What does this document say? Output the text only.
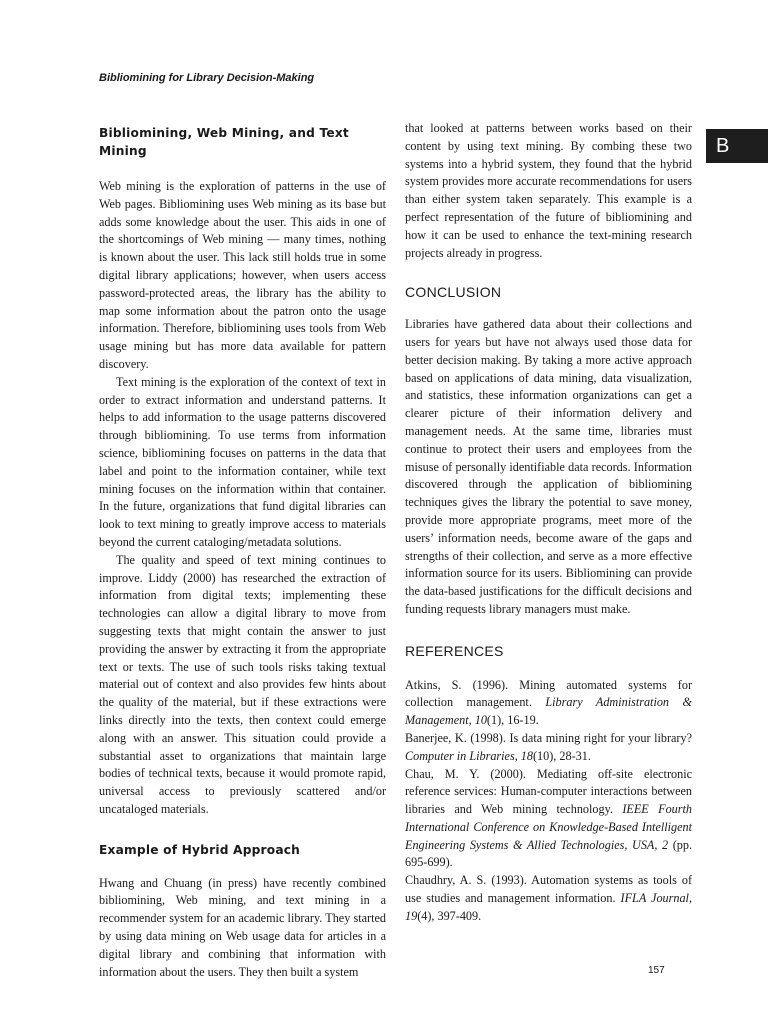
Bibliomining for Library Decision-Making
B
Bibliomining, Web Mining, and Text Mining

Web mining is the exploration of patterns in the use of Web pages. Bibliomining uses Web mining as its base but adds some knowledge about the user. This aids in one of the shortcomings of Web mining — many times, nothing is known about the user. This lack still holds true in some digital library applications; however, when users access password-protected areas, the library has the ability to map some information about the patron onto the usage information. Therefore, bibliomining uses tools from Web usage mining but has more data available for pattern discovery.

Text mining is the exploration of the context of text in order to extract information and understand patterns. It helps to add information to the usage patterns discovered through bibliomining. To use terms from information science, bibliomining focuses on patterns in the data that label and point to the information container, while text mining focuses on the information within that container. In the future, organizations that fund digital libraries can look to text mining to greatly improve access to materials beyond the current cataloging/metadata solutions.

The quality and speed of text mining continues to improve. Liddy (2000) has researched the extraction of information from digital texts; implementing these technologies can allow a digital library to move from suggesting texts that might contain the answer to just providing the answer by extracting it from the appropriate text or texts. The use of such tools risks taking textual material out of context and also provides few hints about the quality of the material, but if these extractions were links directly into the texts, then context could emerge along with an answer. This situation could provide a substantial asset to organizations that maintain large bodies of technical texts, because it would promote rapid, universal access to previously scattered and/or uncataloged materials.

Example of Hybrid Approach

Hwang and Chuang (in press) have recently combined bibliomining, Web mining, and text mining in a recommender system for an academic library. They started by using data mining on Web usage data for articles in a digital library and combining that information with information about the users. They then built a system

that looked at patterns between works based on their content by using text mining. By combing these two systems into a hybrid system, they found that the hybrid system provides more accurate recommendations for users than either system taken separately. This example is a perfect representation of the future of bibliomining and how it can be used to enhance the text-mining research projects already in progress.

CONCLUSION

Libraries have gathered data about their collections and users for years but have not always used those data for better decision making. By taking a more active approach based on applications of data mining, data visualization, and statistics, these information organizations can get a clearer picture of their information delivery and management needs. At the same time, libraries must continue to protect their users and employees from the misuse of personally identifiable data records. Information discovered through the application of bibliomining techniques gives the library the potential to save money, provide more appropriate programs, meet more of the users’ information needs, become aware of the gaps and strengths of their collection, and serve as a more effective information source for its users. Bibliomining can provide the data-based justifications for the difficult decisions and funding requests library managers must make.

REFERENCES

Atkins, S. (1996). Mining automated systems for collection management. Library Administration & Management, 10(1), 16-19.

Banerjee, K. (1998). Is data mining right for your library? Computer in Libraries, 18(10), 28-31.

Chau, M. Y. (2000). Mediating off-site electronic reference services: Human-computer interactions between libraries and Web mining technology. IEEE Fourth International Conference on Knowledge-Based Intelligent Engineering Systems & Allied Technologies, USA, 2 (pp. 695-699).

Chaudhry, A. S. (1993). Automation systems as tools of use studies and management information. IFLA Journal, 19(4), 397-409.

157
